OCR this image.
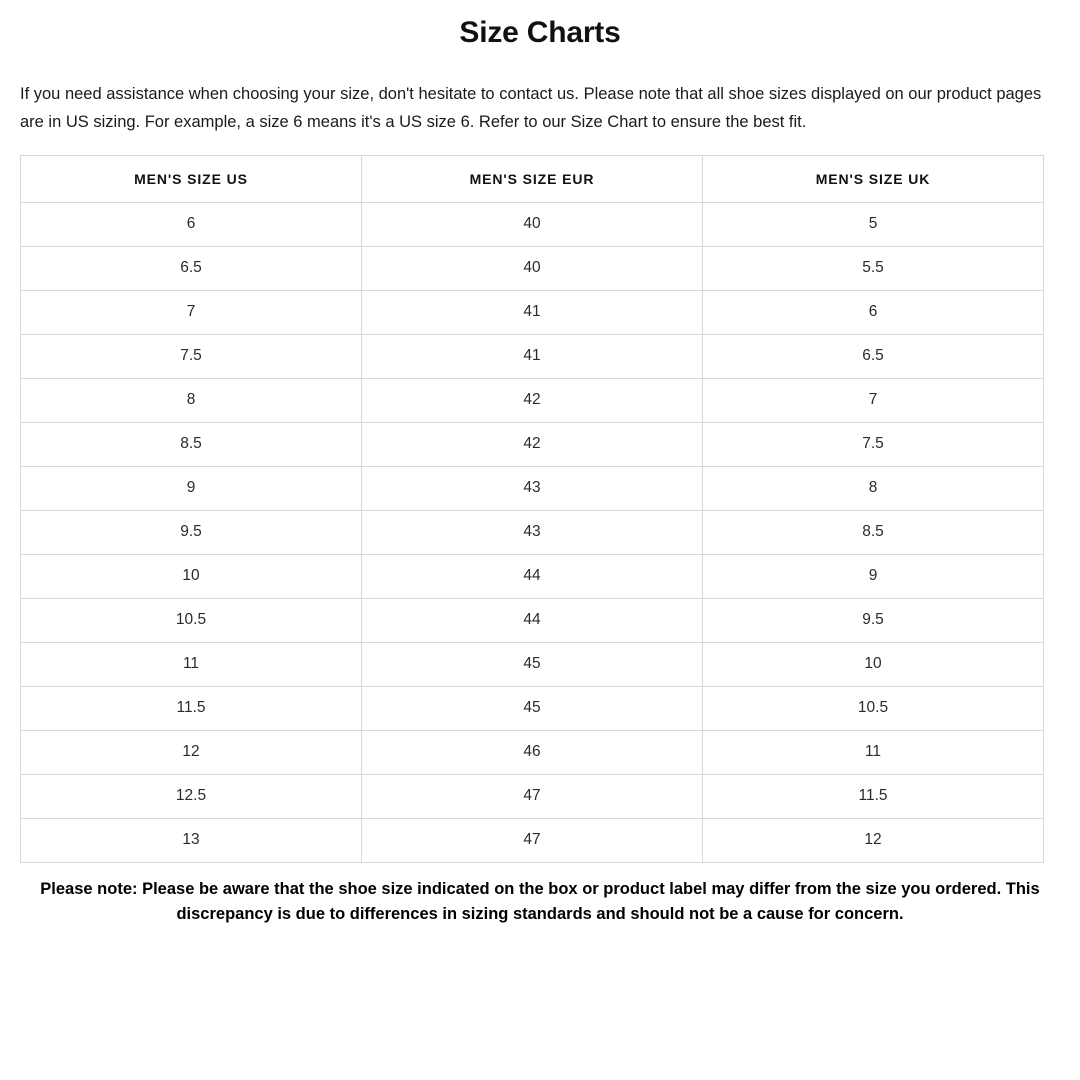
Size Charts

If you need assistance when choosing your size, don't hesitate to contact us. Please note that all shoe sizes displayed on our product pages are in US sizing. For example, a size 6 means it's a US size 6. Refer to our Size Chart to ensure the best fit.

MEN'S SIZE US	MEN'S SIZE EUR	MEN'S SIZE UK
6	40	5
6.5	40	5.5
7	41	6
7.5	41	6.5
8	42	7
8.5	42	7.5
9	43	8
9.5	43	8.5
10	44	9
10.5	44	9.5
11	45	10
11.5	45	10.5
12	46	11
12.5	47	11.5
13	47	12

Please note: Please be aware that the shoe size indicated on the box or product label may differ from the size you ordered. This discrepancy is due to differences in sizing standards and should not be a cause for concern.
